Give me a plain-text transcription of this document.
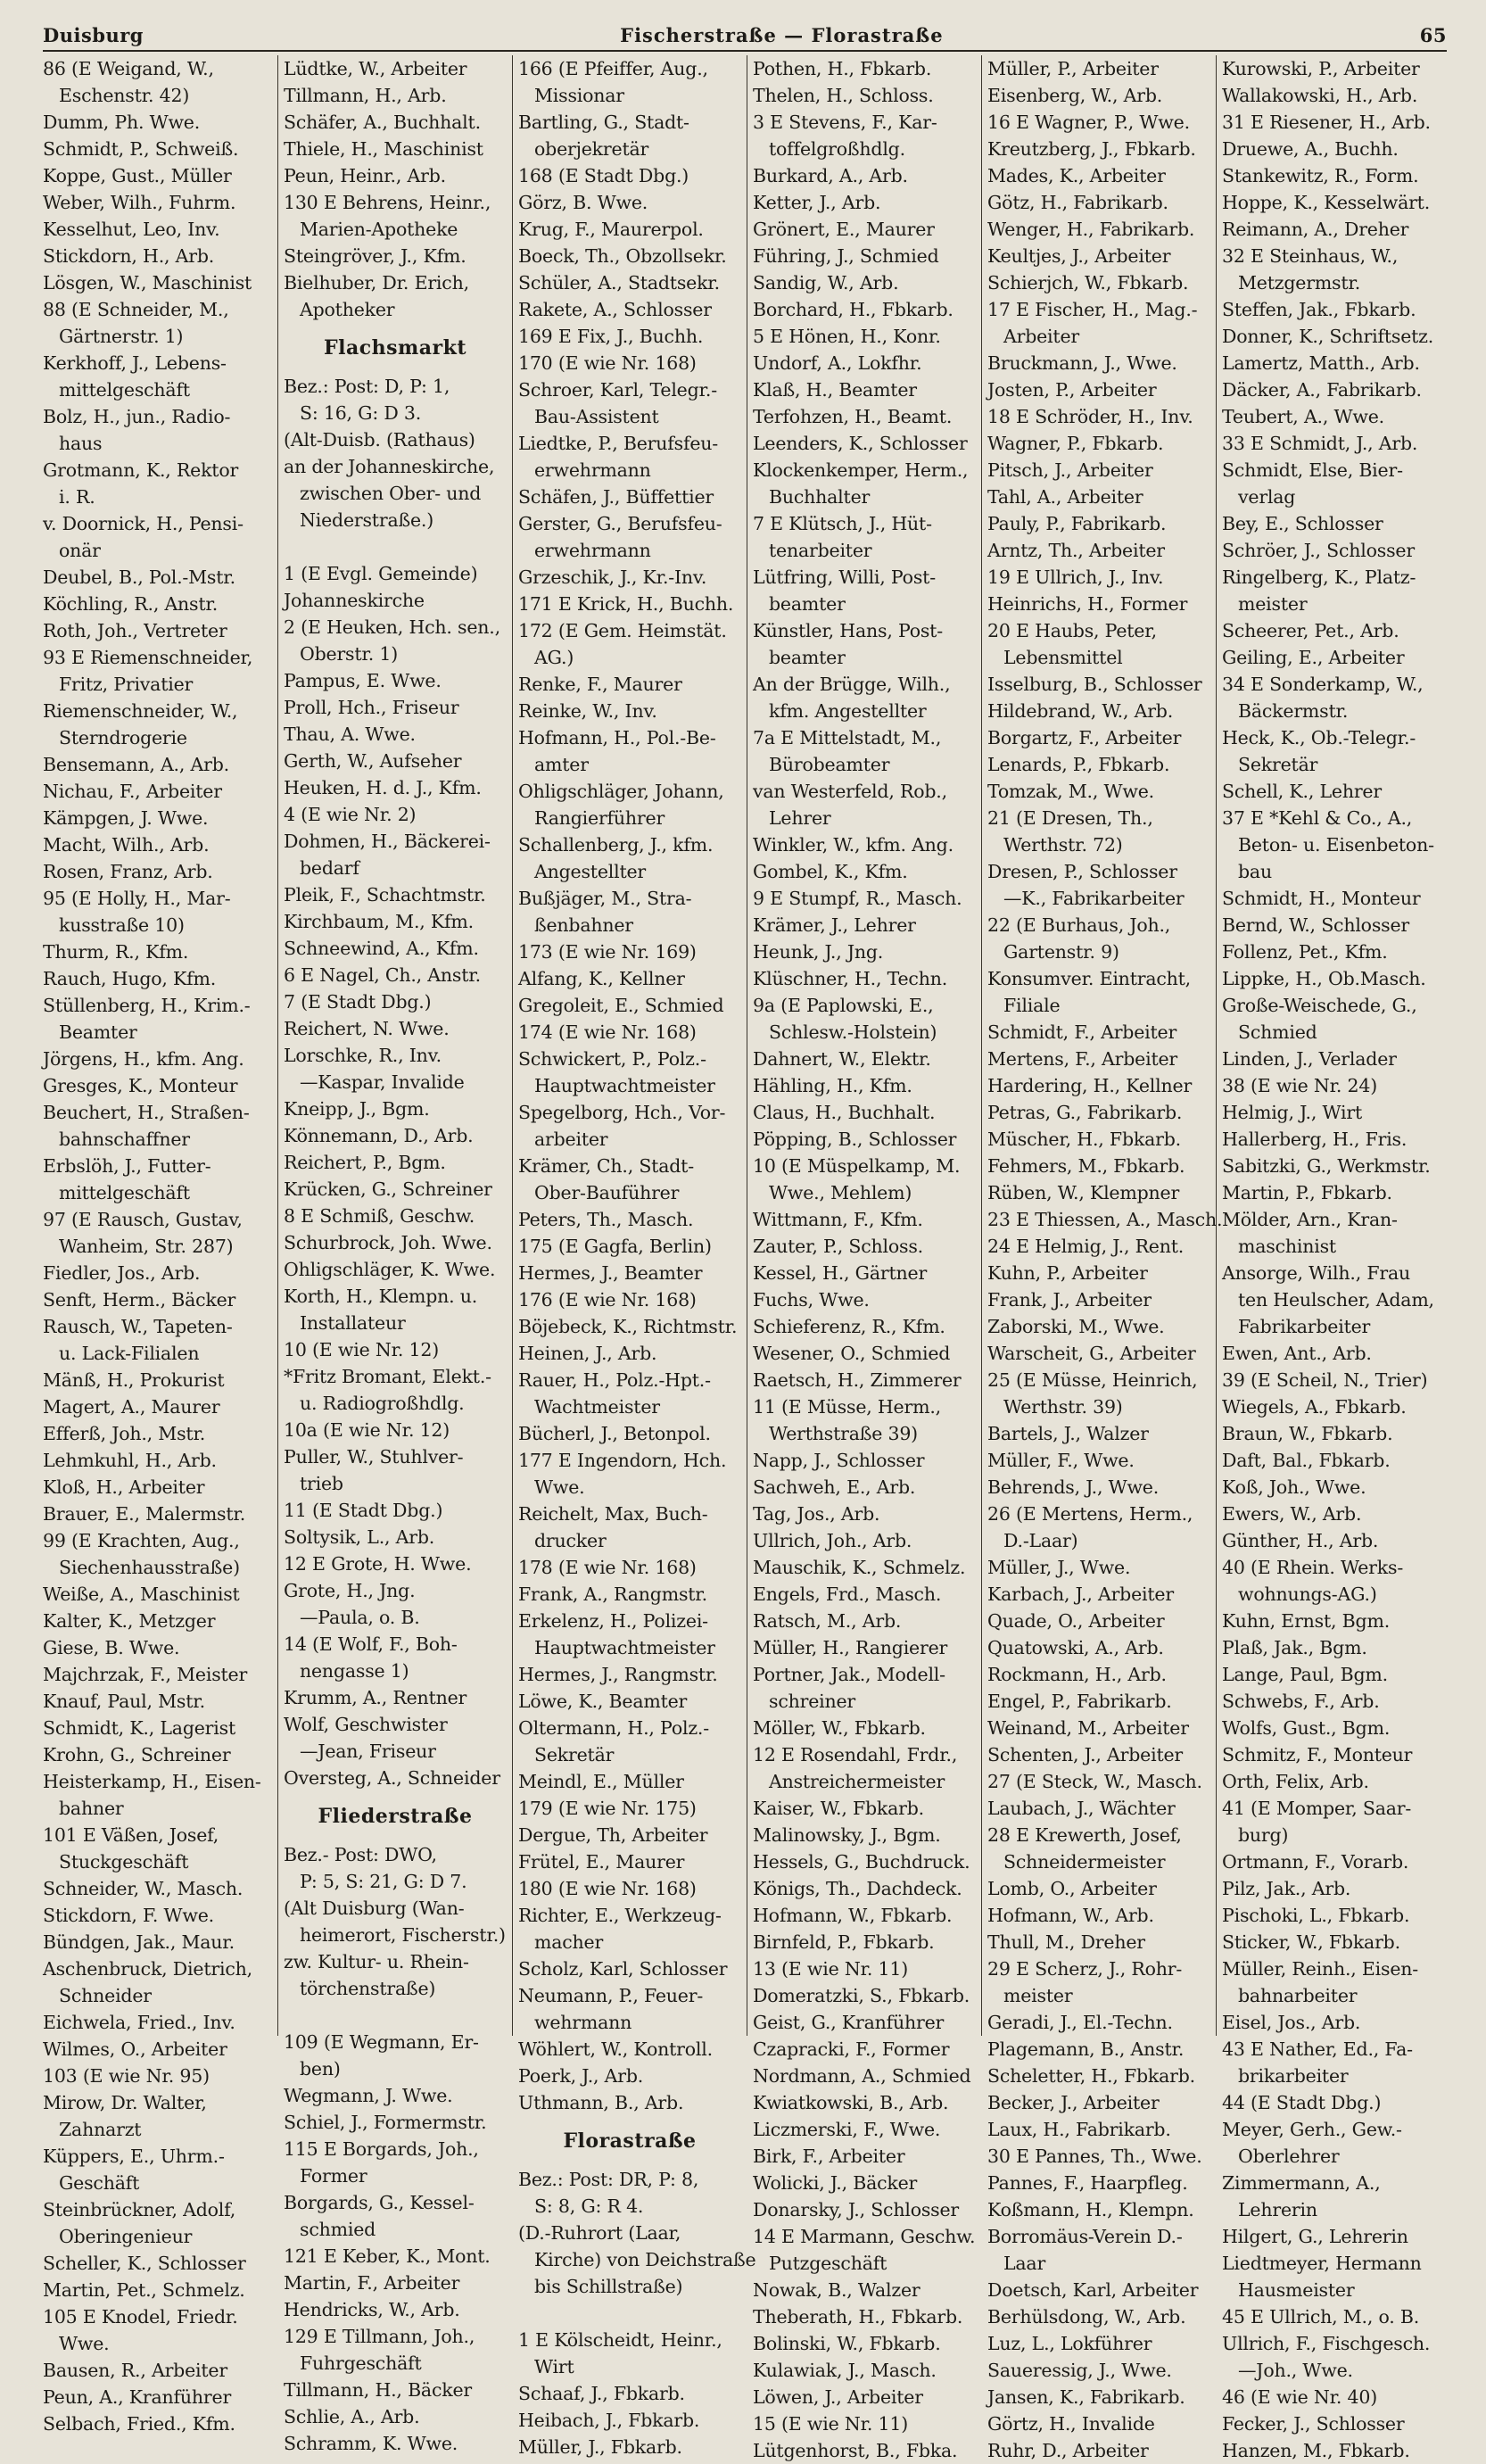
Duisburg	Fischerstraße — Florastraße	65
86 (E Weigand, W.,
Eschenstr. 42)
Dumm, Ph. Wwe.
Schmidt, P., Schweiß.
Koppe, Gust., Müller
Weber, Wilh., Fuhrm.
Kesselhut, Leo, Inv.
Stickdorn, H., Arb.
Lösgen, W., Maschinist
88 (E Schneider, M.,
Gärtnerstr. 1)
Kerkhoff, J., Lebens-
mittelgeschäft
Bolz, H., jun., Radio-
haus
Grotmann, K., Rektor
i. R.
v. Doornick, H., Pensi-
onär
Deubel, B., Pol.-Mstr.
Köchling, R., Anstr.
Roth, Joh., Vertreter
93 E Riemenschneider,
Fritz, Privatier
Riemenschneider, W.,
Sterndrogerie
Bensemann, A., Arb.
Nichau, F., Arbeiter
Kämpgen, J. Wwe.
Macht, Wilh., Arb.
Rosen, Franz, Arb.
95 (E Holly, H., Mar-
kusstraße 10)
Thurm, R., Kfm.
Rauch, Hugo, Kfm.
Stüllenberg, H., Krim.-
Beamter
Jörgens, H., kfm. Ang.
Gresges, K., Monteur
Beuchert, H., Straßen-
bahnschaffner
Erbslöh, J., Futter-
mittelgeschäft
97 (E Rausch, Gustav,
Wanheim, Str. 287)
Fiedler, Jos., Arb.
Senft, Herm., Bäcker
Rausch, W., Tapeten-
u. Lack-Filialen
Mänß, H., Prokurist
Magert, A., Maurer
Efferß, Joh., Mstr.
Lehmkuhl, H., Arb.
Kloß, H., Arbeiter
Brauer, E., Malermstr.
99 (E Krachten, Aug.,
Siechenhausstraße)
Weiße, A., Maschinist
Kalter, K., Metzger
Giese, B. Wwe.
Majchrzak, F., Meister
Knauf, Paul, Mstr.
Schmidt, K., Lagerist
Krohn, G., Schreiner
Heisterkamp, H., Eisen-
bahner
101 E Väßen, Josef,
Stuckgeschäft
Schneider, W., Masch.
Stickdorn, F. Wwe.
Bündgen, Jak., Maur.
Aschenbruck, Dietrich,
Schneider
Eichwela, Fried., Inv.
Wilmes, O., Arbeiter
103 (E wie Nr. 95)
Mirow, Dr. Walter,
Zahnarzt
Küppers, E., Uhrm.-
Geschäft
Steinbrückner, Adolf,
Oberingenieur
Scheller, K., Schlosser
Martin, Pet., Schmelz.
105 E Knodel, Friedr.
Wwe.
Bausen, R., Arbeiter
Peun, A., Kranführer
Selbach, Fried., Kfm.
Lüdtke, W., Arbeiter
Tillmann, H., Arb.
Schäfer, A., Buchhalt.
Thiele, H., Maschinist
Peun, Heinr., Arb.
130 E Behrens, Heinr.,
Marien-Apotheke
Steingröver, J., Kfm.
Bielhuber, Dr. Erich,
Apotheker
Flachsmarkt
Bez.: Post: D, P: 1,
S: 16, G: D 3.
(Alt-Duisb. (Rathaus)
an der Johanneskirche,
zwischen Ober- und
Niederstraße.)
1 (E Evgl. Gemeinde)
Johanneskirche
2 (E Heuken, Hch. sen.,
Oberstr. 1)
Pampus, E. Wwe.
Proll, Hch., Friseur
Thau, A. Wwe.
Gerth, W., Aufseher
Heuken, H. d. J., Kfm.
4 (E wie Nr. 2)
Dohmen, H., Bäckerei-
bedarf
Pleik, F., Schachtmstr.
Kirchbaum, M., Kfm.
Schneewind, A., Kfm.
6 E Nagel, Ch., Anstr.
7 (E Stadt Dbg.)
Reichert, N. Wwe.
Lorschke, R., Inv.
—Kaspar, Invalide
Kneipp, J., Bgm.
Könnemann, D., Arb.
Reichert, P., Bgm.
Krücken, G., Schreiner
8 E Schmiß, Geschw.
Schurbrock, Joh. Wwe.
Ohligschläger, K. Wwe.
Korth, H., Klempn. u.
Installateur
10 (E wie Nr. 12)
*Fritz Bromant, Elekt.-
u. Radiogroßhdlg.
10a (E wie Nr. 12)
Puller, W., Stuhlver-
trieb
11 (E Stadt Dbg.)
Soltysik, L., Arb.
12 E Grote, H. Wwe.
Grote, H., Jng.
—Paula, o. B.
14 (E Wolf, F., Boh-
nengasse 1)
Krumm, A., Rentner
Wolf, Geschwister
—Jean, Friseur
Oversteg, A., Schneider
Fliederstraße
Bez.- Post: DWO,
P: 5, S: 21, G: D 7.
(Alt Duisburg (Wan-
heimerort, Fischerstr.)
zw. Kultur- u. Rhein-
törchenstraße)
109 (E Wegmann, Er-
ben)
Wegmann, J. Wwe.
Schiel, J., Formermstr.
115 E Borgards, Joh.,
Former
Borgards, G., Kessel-
schmied
121 E Keber, K., Mont.
Martin, F., Arbeiter
Hendricks, W., Arb.
129 E Tillmann, Joh.,
Fuhrgeschäft
Tillmann, H., Bäcker
Schlie, A., Arb.
Schramm, K. Wwe.
166 (E Pfeiffer, Aug.,
Missionar
Bartling, G., Stadt-
oberjekretär
168 (E Stadt Dbg.)
Görz, B. Wwe.
Krug, F., Maurerpol.
Boeck, Th., Obzollsekr.
Schüler, A., Stadtsekr.
Rakete, A., Schlosser
169 E Fix, J., Buchh.
170 (E wie Nr. 168)
Schroer, Karl, Telegr.-
Bau-Assistent
Liedtke, P., Berufsfeu-
erwehrmann
Schäfen, J., Büffettier
Gerster, G., Berufsfeu-
erwehrmann
Grzeschik, J., Kr.-Inv.
171 E Krick, H., Buchh.
172 (E Gem. Heimstät.
AG.)
Renke, F., Maurer
Reinke, W., Inv.
Hofmann, H., Pol.-Be-
amter
Ohligschläger, Johann,
Rangierführer
Schallenberg, J., kfm.
Angestellter
Bußjäger, M., Stra-
ßenbahner
173 (E wie Nr. 169)
Alfang, K., Kellner
Gregoleit, E., Schmied
174 (E wie Nr. 168)
Schwickert, P., Polz.-
Hauptwachtmeister
Spegelborg, Hch., Vor-
arbeiter
Krämer, Ch., Stadt-
Ober-Bauführer
Peters, Th., Masch.
175 (E Gagfa, Berlin)
Hermes, J., Beamter
176 (E wie Nr. 168)
Böjebeck, K., Richtmstr.
Heinen, J., Arb.
Rauer, H., Polz.-Hpt.-
Wachtmeister
Bücherl, J., Betonpol.
177 E Ingendorn, Hch.
Wwe.
Reichelt, Max, Buch-
drucker
178 (E wie Nr. 168)
Frank, A., Rangmstr.
Erkelenz, H., Polizei-
Hauptwachtmeister
Hermes, J., Rangmstr.
Löwe, K., Beamter
Oltermann, H., Polz.-
Sekretär
Meindl, E., Müller
179 (E wie Nr. 175)
Dergue, Th, Arbeiter
Frütel, E., Maurer
180 (E wie Nr. 168)
Richter, E., Werkzeug-
macher
Scholz, Karl, Schlosser
Neumann, P., Feuer-
wehrmann
Wöhlert, W., Kontroll.
Poerk, J., Arb.
Uthmann, B., Arb.
Florastraße
Bez.: Post: DR, P: 8,
S: 8, G: R 4.
(D.-Ruhrort (Laar,
Kirche) von Deichstraße
bis Schillstraße)
1 E Kölscheidt, Heinr.,
Wirt
Schaaf, J., Fbkarb.
Heibach, J., Fbkarb.
Müller, J., Fbkarb.
Pothen, H., Fbkarb.
Thelen, H., Schloss.
3 E Stevens, F., Kar-
toffelgroßhdlg.
Burkard, A., Arb.
Ketter, J., Arb.
Grönert, E., Maurer
Führing, J., Schmied
Sandig, W., Arb.
Borchard, H., Fbkarb.
5 E Hönen, H., Konr.
Undorf, A., Lokfhr.
Klaß, H., Beamter
Terfohzen, H., Beamt.
Leenders, K., Schlosser
Klockenkemper, Herm.,
Buchhalter
7 E Klütsch, J., Hüt-
tenarbeiter
Lütfring, Willi, Post-
beamter
Künstler, Hans, Post-
beamter
An der Brügge, Wilh.,
kfm. Angestellter
7a E Mittelstadt, M.,
Bürobeamter
van Westerfeld, Rob.,
Lehrer
Winkler, W., kfm. Ang.
Gombel, K., Kfm.
9 E Stumpf, R., Masch.
Krämer, J., Lehrer
Heunk, J., Jng.
Klüschner, H., Techn.
9a (E Paplowski, E.,
Schlesw.-Holstein)
Dahnert, W., Elektr.
Hähling, H., Kfm.
Claus, H., Buchhalt.
Pöpping, B., Schlosser
10 (E Müspelkamp, M.
Wwe., Mehlem)
Wittmann, F., Kfm.
Zauter, P., Schloss.
Kessel, H., Gärtner
Fuchs, Wwe.
Schieferenz, R., Kfm.
Wesener, O., Schmied
Raetsch, H., Zimmerer
11 (E Müsse, Herm.,
Werthstraße 39)
Napp, J., Schlosser
Sachweh, E., Arb.
Tag, Jos., Arb.
Ullrich, Joh., Arb.
Mauschik, K., Schmelz.
Engels, Frd., Masch.
Ratsch, M., Arb.
Müller, H., Rangierer
Portner, Jak., Modell-
schreiner
Möller, W., Fbkarb.
12 E Rosendahl, Frdr.,
Anstreichermeister
Kaiser, W., Fbkarb.
Malinowsky, J., Bgm.
Hessels, G., Buchdruck.
Königs, Th., Dachdeck.
Hofmann, W., Fbkarb.
Birnfeld, P., Fbkarb.
13 (E wie Nr. 11)
Domeratzki, S., Fbkarb.
Geist, G., Kranführer
Czapracki, F., Former
Nordmann, A., Schmied
Kwiatkowski, B., Arb.
Liczmerski, F., Wwe.
Birk, F., Arbeiter
Wolicki, J., Bäcker
Donarsky, J., Schlosser
14 E Marmann, Geschw.
Putzgeschäft
Nowak, B., Walzer
Theberath, H., Fbkarb.
Bolinski, W., Fbkarb.
Kulawiak, J., Masch.
Löwen, J., Arbeiter
15 (E wie Nr. 11)
Lütgenhorst, B., Fbka.
Müller, P., Arbeiter
Eisenberg, W., Arb.
16 E Wagner, P., Wwe.
Kreutzberg, J., Fbkarb.
Mades, K., Arbeiter
Götz, H., Fabrikarb.
Wenger, H., Fabrikarb.
Keultjes, J., Arbeiter
Schierjch, W., Fbkarb.
17 E Fischer, H., Mag.-
Arbeiter
Bruckmann, J., Wwe.
Josten, P., Arbeiter
18 E Schröder, H., Inv.
Wagner, P., Fbkarb.
Pitsch, J., Arbeiter
Tahl, A., Arbeiter
Pauly, P., Fabrikarb.
Arntz, Th., Arbeiter
19 E Ullrich, J., Inv.
Heinrichs, H., Former
20 E Haubs, Peter,
Lebensmittel
Isselburg, B., Schlosser
Hildebrand, W., Arb.
Borgartz, F., Arbeiter
Lenards, P., Fbkarb.
Tomzak, M., Wwe.
21 (E Dresen, Th.,
Werthstr. 72)
Dresen, P., Schlosser
—K., Fabrikarbeiter
22 (E Burhaus, Joh.,
Gartenstr. 9)
Konsumver. Eintracht,
Filiale
Schmidt, F., Arbeiter
Mertens, F., Arbeiter
Hardering, H., Kellner
Petras, G., Fabrikarb.
Müscher, H., Fbkarb.
Fehmers, M., Fbkarb.
Rüben, W., Klempner
23 E Thiessen, A., Masch.
24 E Helmig, J., Rent.
Kuhn, P., Arbeiter
Frank, J., Arbeiter
Zaborski, M., Wwe.
Warscheit, G., Arbeiter
25 (E Müsse, Heinrich,
Werthstr. 39)
Bartels, J., Walzer
Müller, F., Wwe.
Behrends, J., Wwe.
26 (E Mertens, Herm.,
D.-Laar)
Müller, J., Wwe.
Karbach, J., Arbeiter
Quade, O., Arbeiter
Quatowski, A., Arb.
Rockmann, H., Arb.
Engel, P., Fabrikarb.
Weinand, M., Arbeiter
Schenten, J., Arbeiter
27 (E Steck, W., Masch.
Laubach, J., Wächter
28 E Krewerth, Josef,
Schneidermeister
Lomb, O., Arbeiter
Hofmann, W., Arb.
Thull, M., Dreher
29 E Scherz, J., Rohr-
meister
Geradi, J., El.-Techn.
Plagemann, B., Anstr.
Scheletter, H., Fbkarb.
Becker, J., Arbeiter
Laux, H., Fabrikarb.
30 E Pannes, Th., Wwe.
Pannes, F., Haarpfleg.
Koßmann, H., Klempn.
Borromäus-Verein D.-
Laar
Doetsch, Karl, Arbeiter
Berhülsdong, W., Arb.
Luz, L., Lokführer
Saueressig, J., Wwe.
Jansen, K., Fabrikarb.
Görtz, H., Invalide
Ruhr, D., Arbeiter
Kurowski, P., Arbeiter
Wallakowski, H., Arb.
31 E Riesener, H., Arb.
Druewe, A., Buchh.
Stankewitz, R., Form.
Hoppe, K., Kesselwärt.
Reimann, A., Dreher
32 E Steinhaus, W.,
Metzgermstr.
Steffen, Jak., Fbkarb.
Donner, K., Schriftsetz.
Lamertz, Matth., Arb.
Däcker, A., Fabrikarb.
Teubert, A., Wwe.
33 E Schmidt, J., Arb.
Schmidt, Else, Bier-
verlag
Bey, E., Schlosser
Schröer, J., Schlosser
Ringelberg, K., Platz-
meister
Scheerer, Pet., Arb.
Geiling, E., Arbeiter
34 E Sonderkamp, W.,
Bäckermstr.
Heck, K., Ob.-Telegr.-
Sekretär
Schell, K., Lehrer
37 E *Kehl & Co., A.,
Beton- u. Eisenbeton-
bau
Schmidt, H., Monteur
Bernd, W., Schlosser
Follenz, Pet., Kfm.
Lippke, H., Ob.Masch.
Große-Weischede, G.,
Schmied
Linden, J., Verlader
38 (E wie Nr. 24)
Helmig, J., Wirt
Hallerberg, H., Fris.
Sabitzki, G., Werkmstr.
Martin, P., Fbkarb.
Mölder, Arn., Kran-
maschinist
Ansorge, Wilh., Frau
ten Heulscher, Adam,
Fabrikarbeiter
Ewen, Ant., Arb.
39 (E Scheil, N., Trier)
Wiegels, A., Fbkarb.
Braun, W., Fbkarb.
Daft, Bal., Fbkarb.
Koß, Joh., Wwe.
Ewers, W., Arb.
Günther, H., Arb.
40 (E Rhein. Werks-
wohnungs-AG.)
Kuhn, Ernst, Bgm.
Plaß, Jak., Bgm.
Lange, Paul, Bgm.
Schwebs, F., Arb.
Wolfs, Gust., Bgm.
Schmitz, F., Monteur
Orth, Felix, Arb.
41 (E Momper, Saar-
burg)
Ortmann, F., Vorarb.
Pilz, Jak., Arb.
Pischoki, L., Fbkarb.
Sticker, W., Fbkarb.
Müller, Reinh., Eisen-
bahnarbeiter
Eisel, Jos., Arb.
43 E Nather, Ed., Fa-
brikarbeiter
44 (E Stadt Dbg.)
Meyer, Gerh., Gew.-
Oberlehrer
Zimmermann, A.,
Lehrerin
Hilgert, G., Lehrerin
Liedtmeyer, Hermann
Hausmeister
45 E Ullrich, M., o. B.
Ullrich, F., Fischgesch.
—Joh., Wwe.
46 (E wie Nr. 40)
Fecker, J., Schlosser
Hanzen, M., Fbkarb.
